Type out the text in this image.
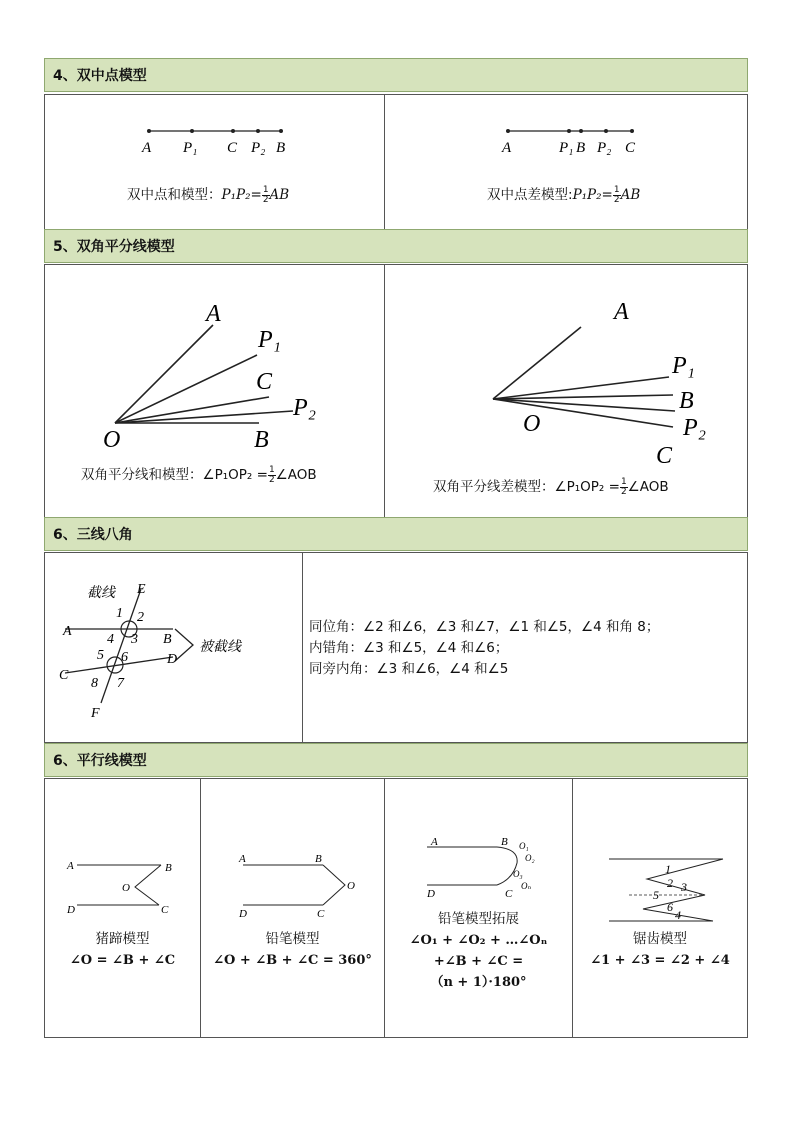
4、双中点模型
A P₁ C P₂ B
双中点和模型：$P_1P_2= \frac{1}{2}$ AB
A	P₁ B P₂ C
双中点差模型:P₁P₂= $\frac{1}{2}$ AB
5、双角平分线模型
A
P₁
C
P₂
O	B
双角平分线和模型：∠P₁OP₂ = $\frac{1}{2}$ ∠AOB
A
P₁
B
O	P₂
C
双角平分线差模型：∠P₁OP₂ = $\frac{1}{2}$ ∠AOB
6、三线八角
截线 E
1 2
A
4 3 B
5 6	D
C
8 7
F
被截线
同位角：∠2 和∠6，∠3 和∠7，∠1 和∠5，∠4 和角 8；
内错角：∠3 和∠5，∠4 和∠6；
同旁内角：∠3 和∠6，∠4 和∠5
6、平行线模型
A	B
O
D	C
猪蹄模型
∠O = ∠B + ∠C
A	B
O
D	C
铅笔模型
∠O + ∠B + ∠C = 360°
A	B O₁
O₂
O₃
Oₙ
D	C
铅笔模型拓展
∠O₁ + ∠O₂ + …∠Oₙ
+∠B + ∠C =
（n + 1）·180°
1
2 3
5
6
4
锯齿模型
∠1 + ∠3 = ∠2 + ∠4
